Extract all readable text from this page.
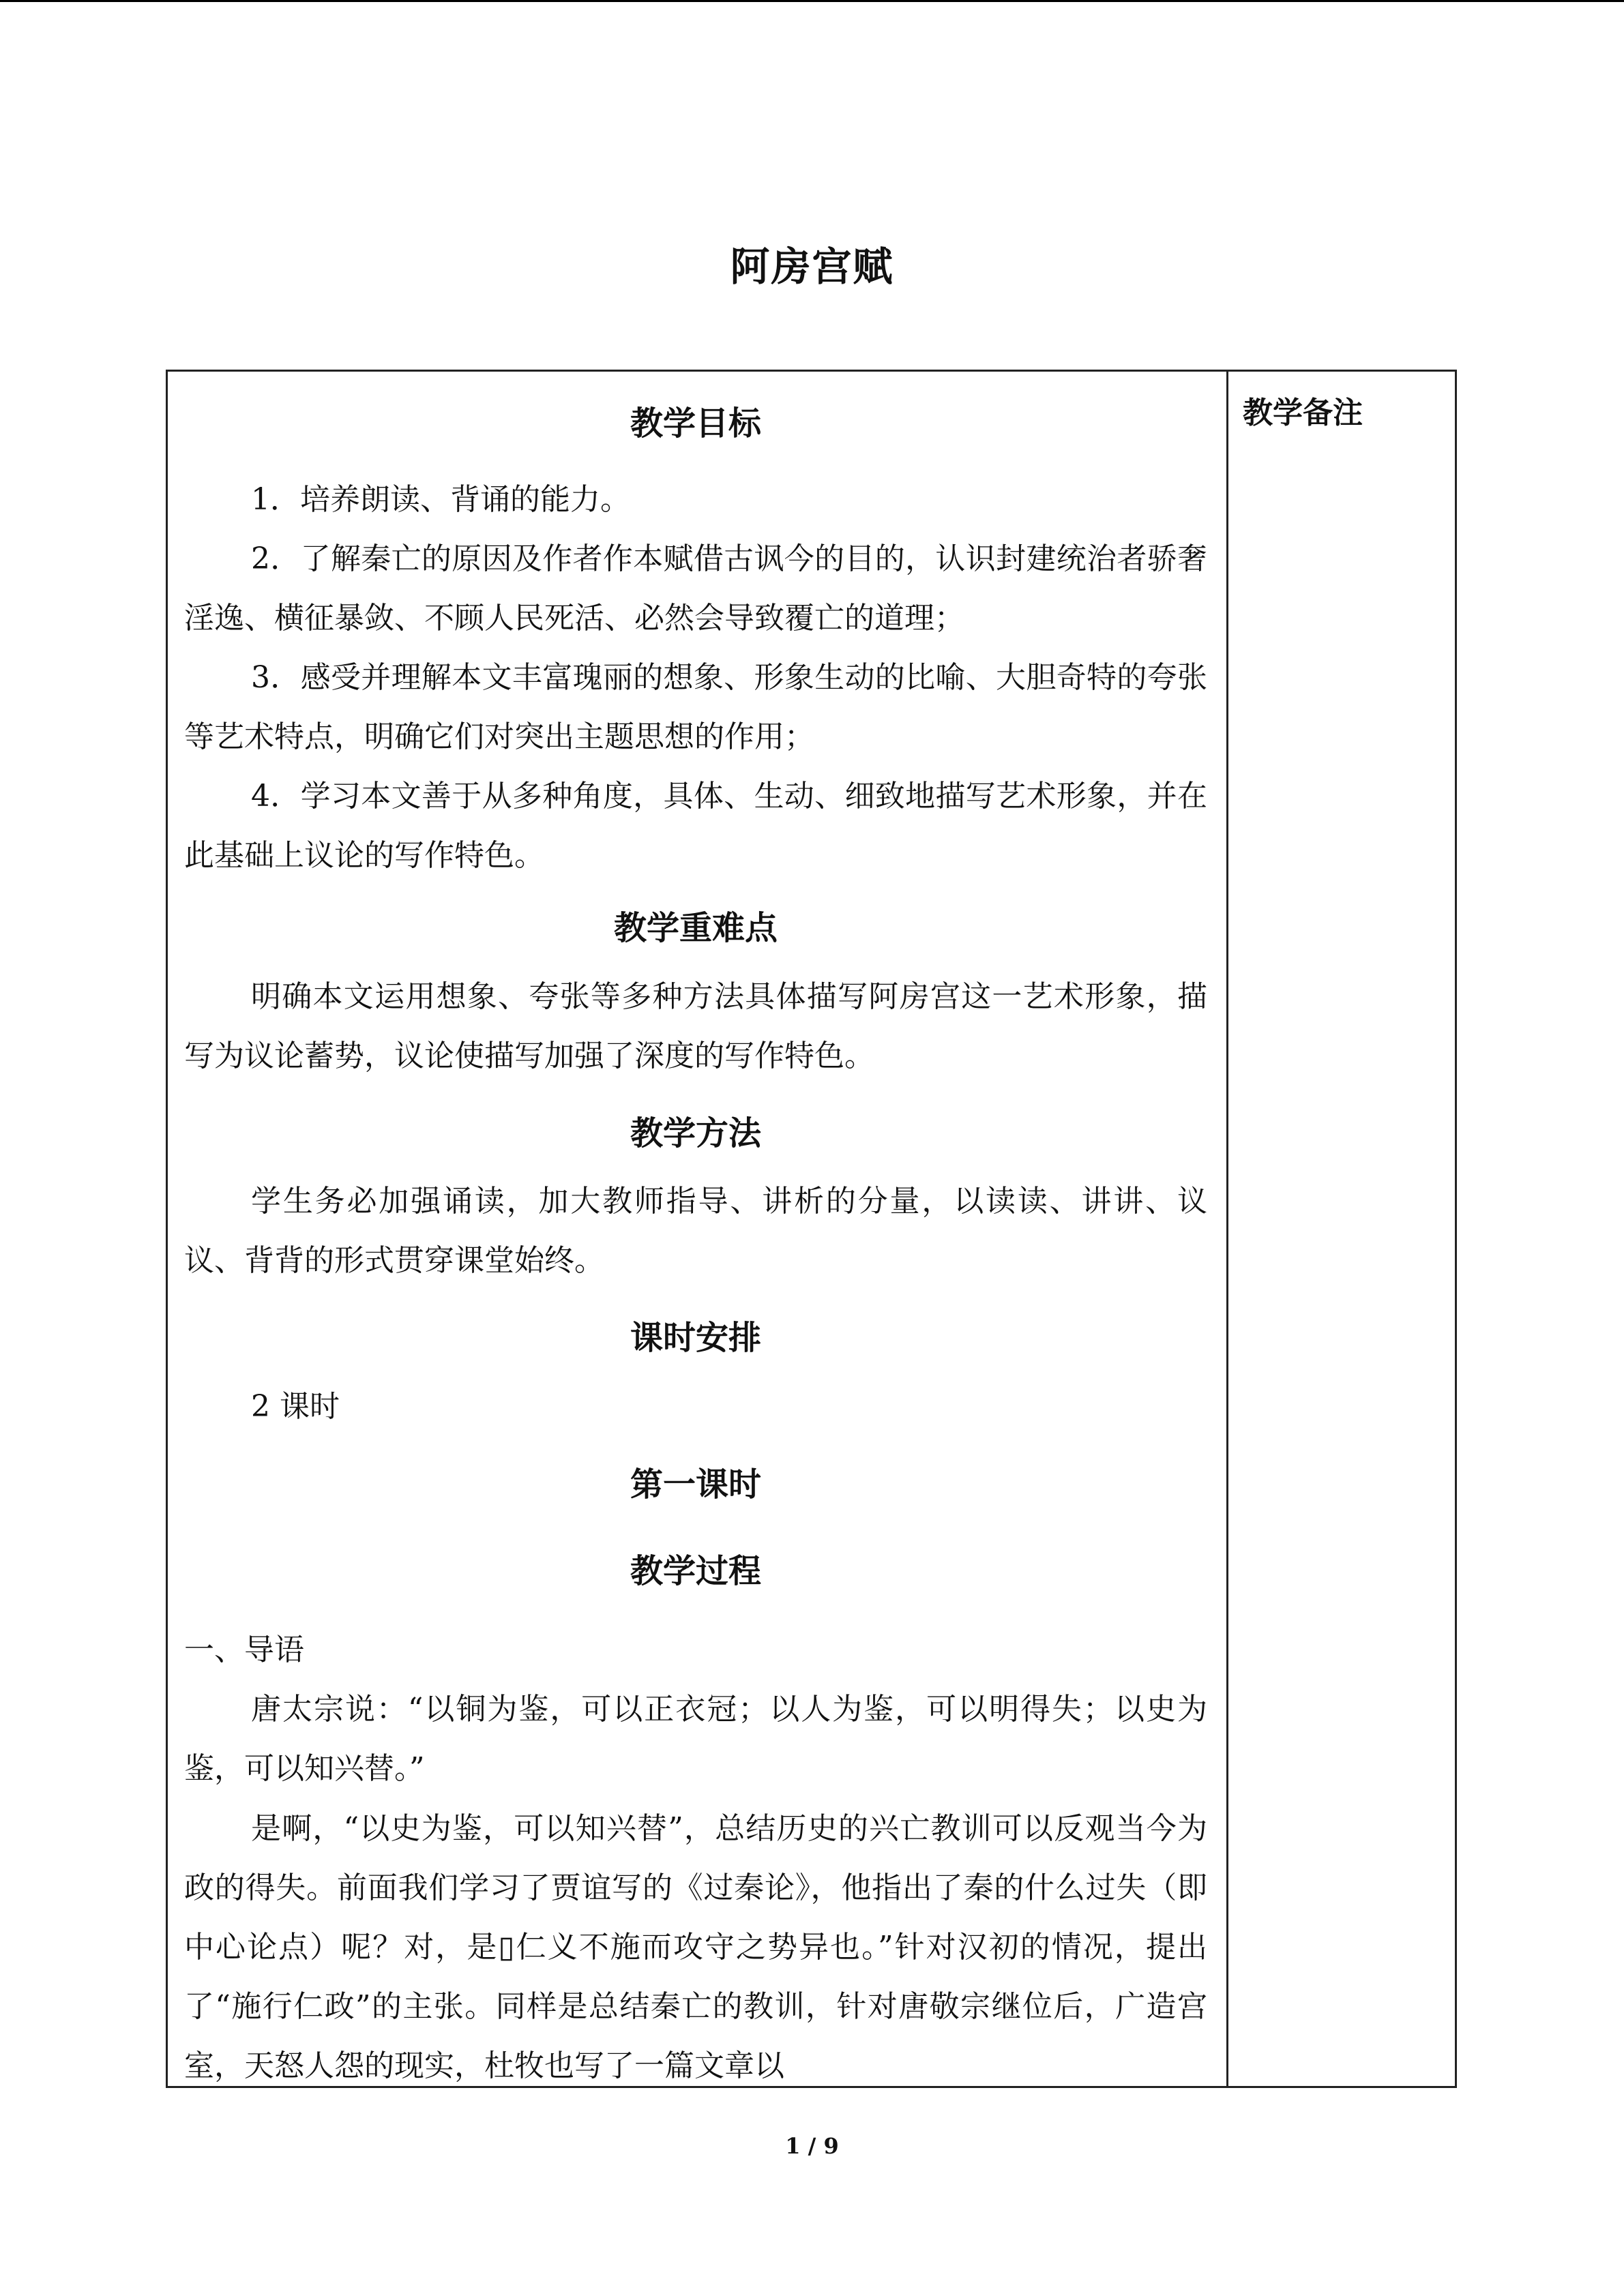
阿房宫赋
教学目标
1．培养朗读、背诵的能力。
2．了解秦亡的原因及作者作本赋借古讽今的目的，认识封建统治者骄奢淫逸、横征暴敛、不顾人民死活、必然会导致覆亡的道理；
3．感受并理解本文丰富瑰丽的想象、形象生动的比喻、大胆奇特的夸张等艺术特点，明确它们对突出主题思想的作用；
4．学习本文善于从多种角度，具体、生动、细致地描写艺术形象，并在此基础上议论的写作特色。
教学重难点
明确本文运用想象、夸张等多种方法具体描写阿房宫这一艺术形象，描写为议论蓄势，议论使描写加强了深度的写作特色。
教学方法
学生务必加强诵读，加大教师指导、讲析的分量，以读读、讲讲、议议、背背的形式贯穿课堂始终。
课时安排
2 课时
第一课时
教学过程
一、导语
唐太宗说：“以铜为鉴，可以正衣冠；以人为鉴，可以明得失；以史为鉴，可以知兴替。”
是啊，“以史为鉴，可以知兴替”，总结历史的兴亡教训可以反观当今为政的得失。前面我们学习了贾谊写的《过秦论》，他指出了秦的什么过失（即中心论点）呢？对，是▯仁义不施而攻守之势异也。”针对汉初的情况，提出了“施行仁政”的主张。同样是总结秦亡的教训，针对唐敬宗继位后，广造宫室，天怒人怨的现实，杜牧也写了一篇文章以
教学备注
1 / 9
